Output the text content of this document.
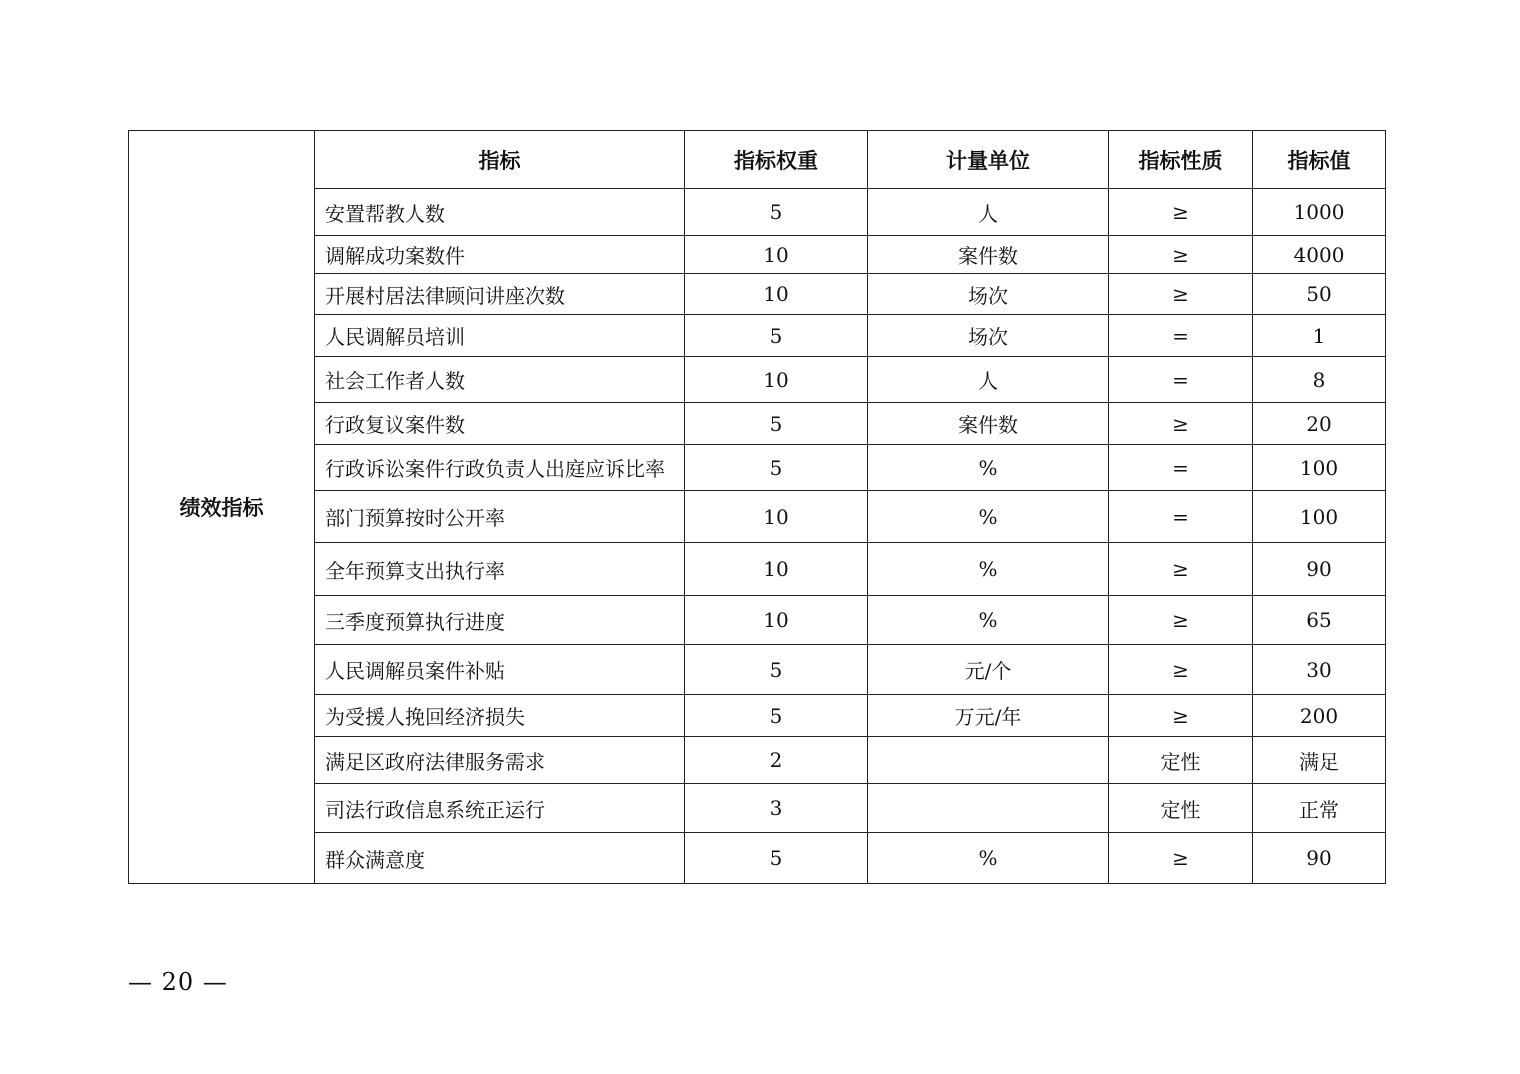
绩效指标	指标	指标权重	计量单位	指标性质	指标值
	安置帮教人数	5	人	≥	1000
	调解成功案数件	10	案件数	≥	4000
	开展村居法律顾问讲座次数	10	场次	≥	50
	人民调解员培训	5	场次	=	1
	社会工作者人数	10	人	=	8
	行政复议案件数	5	案件数	≥	20
	行政诉讼案件行政负责人出庭应诉比率	5	%	=	100
	部门预算按时公开率	10	%	=	100
	全年预算支出执行率	10	%	≥	90
	三季度预算执行进度	10	%	≥	65
	人民调解员案件补贴	5	元/个	≥	30
	为受援人挽回经济损失	5	万元/年	≥	200
	满足区政府法律服务需求	2		定性	满足
	司法行政信息系统正运行	3		定性	正常
	群众满意度	5	%	≥	90
— 20 —
